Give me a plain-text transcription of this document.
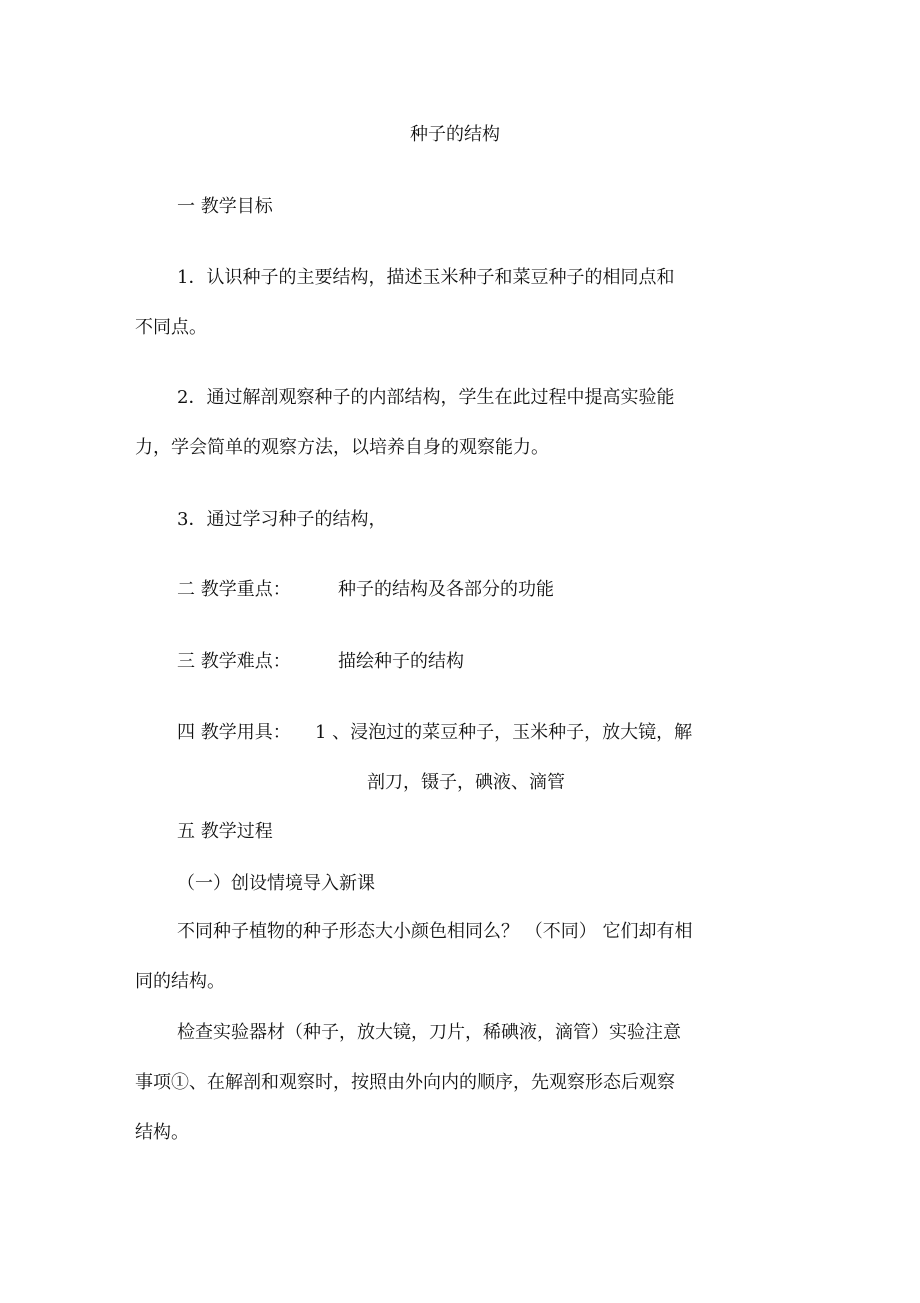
种子的结构
一 教学目标
1．认识种子的主要结构，描述玉米种子和菜豆种子的相同点和
不同点。
2．通过解剖观察种子的内部结构，学生在此过程中提高实验能
力，学会简单的观察方法，以培养自身的观察能力。
3．通过学习种子的结构，
二 教学重点：	种子的结构及各部分的功能
三 教学难点：	描绘种子的结构
四 教学用具： 1 、浸泡过的菜豆种子，玉米种子，放大镜，解
剖刀，镊子，碘液、滴管
五 教学过程
（一）创设情境导入新课
不同种子植物的种子形态大小颜色相同么？ （不同） 它们却有相
同的结构。
检查实验器材（种子，放大镜，刀片，稀碘液，滴管）实验注意
事项①、在解剖和观察时，按照由外向内的顺序，先观察形态后观察
结构。
